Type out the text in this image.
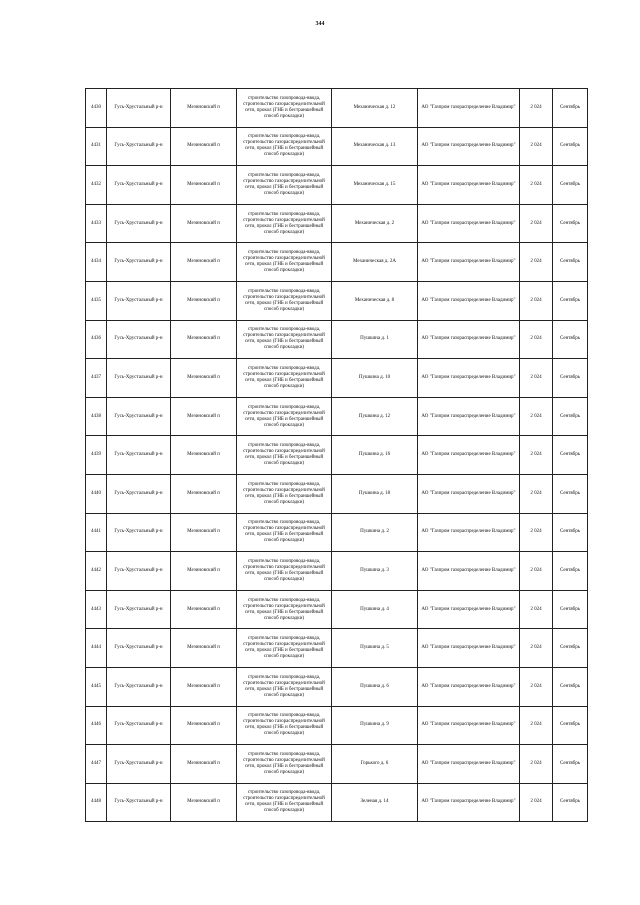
344
4430	Гусь-Хрустальный р-н	Мезиновский п	строительство газопровода-ввода, строительство газораспределительной сети, прокол (ГНБ и бестраншейный способ прокладки)	Механическая д. 12	АО "Газпром газораспределение Владимир"	2 024	Сентябрь
4431	Гусь-Хрустальный р-н	Мезиновский п	строительство газопровода-ввода, строительство газораспределительной сети, прокол (ГНБ и бестраншейный способ прокладки)	Механическая д. 13	АО "Газпром газораспределение Владимир"	2 024	Сентябрь
4432	Гусь-Хрустальный р-н	Мезиновский п	строительство газопровода-ввода, строительство газораспределительной сети, прокол (ГНБ и бестраншейный способ прокладки)	Механическая д. 15	АО "Газпром газораспределение Владимир"	2 024	Сентябрь
4433	Гусь-Хрустальный р-н	Мезиновский п	строительство газопровода-ввода, строительство газораспределительной сети, прокол (ГНБ и бестраншейный способ прокладки)	Механическая д. 2	АО "Газпром газораспределение Владимир"	2 024	Сентябрь
4434	Гусь-Хрустальный р-н	Мезиновский п	строительство газопровода-ввода, строительство газораспределительной сети, прокол (ГНБ и бестраншейный способ прокладки)	Механическая д. 2А	АО "Газпром газораспределение Владимир"	2 024	Сентябрь
4435	Гусь-Хрустальный р-н	Мезиновский п	строительство газопровода-ввода, строительство газораспределительной сети, прокол (ГНБ и бестраншейный способ прокладки)	Механическая д. 8	АО "Газпром газораспределение Владимир"	2 024	Сентябрь
4436	Гусь-Хрустальный р-н	Мезиновский п	строительство газопровода-ввода, строительство газораспределительной сети, прокол (ГНБ и бестраншейный способ прокладки)	Пушкина д. 1	АО "Газпром газораспределение Владимир"	2 024	Сентябрь
4437	Гусь-Хрустальный р-н	Мезиновский п	строительство газопровода-ввода, строительство газораспределительной сети, прокол (ГНБ и бестраншейный способ прокладки)	Пушкина д. 10	АО "Газпром газораспределение Владимир"	2 024	Сентябрь
4438	Гусь-Хрустальный р-н	Мезиновский п	строительство газопровода-ввода, строительство газораспределительной сети, прокол (ГНБ и бестраншейный способ прокладки)	Пушкина д. 12	АО "Газпром газораспределение Владимир"	2 024	Сентябрь
4439	Гусь-Хрустальный р-н	Мезиновский п	строительство газопровода-ввода, строительство газораспределительной сети, прокол (ГНБ и бестраншейный способ прокладки)	Пушкина д. 16	АО "Газпром газораспределение Владимир"	2 024	Сентябрь
4440	Гусь-Хрустальный р-н	Мезиновский п	строительство газопровода-ввода, строительство газораспределительной сети, прокол (ГНБ и бестраншейный способ прокладки)	Пушкина д. 18	АО "Газпром газораспределение Владимир"	2 024	Сентябрь
4441	Гусь-Хрустальный р-н	Мезиновский п	строительство газопровода-ввода, строительство газораспределительной сети, прокол (ГНБ и бестраншейный способ прокладки)	Пушкина д. 2	АО "Газпром газораспределение Владимир"	2 024	Сентябрь
4442	Гусь-Хрустальный р-н	Мезиновский п	строительство газопровода-ввода, строительство газораспределительной сети, прокол (ГНБ и бестраншейный способ прокладки)	Пушкина д. 3	АО "Газпром газораспределение Владимир"	2 024	Сентябрь
4443	Гусь-Хрустальный р-н	Мезиновский п	строительство газопровода-ввода, строительство газораспределительной сети, прокол (ГНБ и бестраншейный способ прокладки)	Пушкина д. 4	АО "Газпром газораспределение Владимир"	2 024	Сентябрь
4444	Гусь-Хрустальный р-н	Мезиновский п	строительство газопровода-ввода, строительство газораспределительной сети, прокол (ГНБ и бестраншейный способ прокладки)	Пушкина д. 5	АО "Газпром газораспределение Владимир"	2 024	Сентябрь
4445	Гусь-Хрустальный р-н	Мезиновский п	строительство газопровода-ввода, строительство газораспределительной сети, прокол (ГНБ и бестраншейный способ прокладки)	Пушкина д. 6	АО "Газпром газораспределение Владимир"	2 024	Сентябрь
4446	Гусь-Хрустальный р-н	Мезиновский п	строительство газопровода-ввода, строительство газораспределительной сети, прокол (ГНБ и бестраншейный способ прокладки)	Пушкина д. 9	АО "Газпром газораспределение Владимир"	2 024	Сентябрь
4447	Гусь-Хрустальный р-н	Мезиновский п	строительство газопровода-ввода, строительство газораспределительной сети, прокол (ГНБ и бестраншейный способ прокладки)	Горького д. 6	АО "Газпром газораспределение Владимир"	2 024	Сентябрь
4448	Гусь-Хрустальный р-н	Мезиновский п	строительство газопровода-ввода, строительство газораспределительной сети, прокол (ГНБ и бестраншейный способ прокладки)	Зеленая д. 14	АО "Газпром газораспределение Владимир"	2 024	Сентябрь
